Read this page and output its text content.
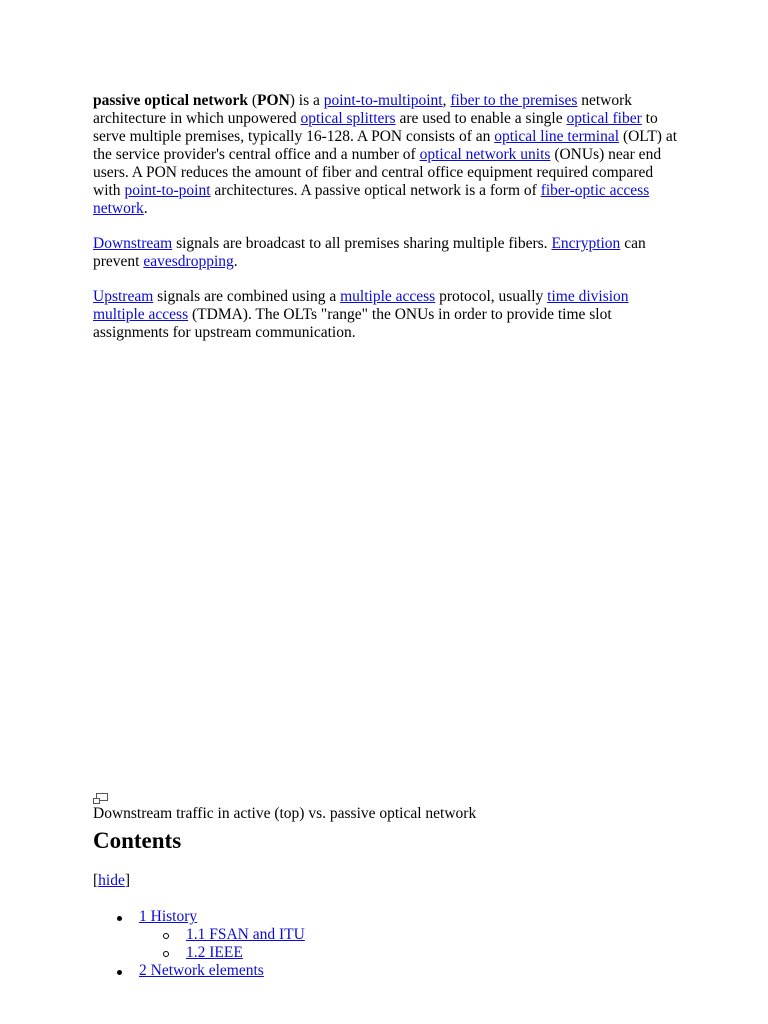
passive optical network (PON) is a point-to-multipoint, fiber to the premises network architecture in which unpowered optical splitters are used to enable a single optical fiber to serve multiple premises, typically 16-128. A PON consists of an optical line terminal (OLT) at the service provider's central office and a number of optical network units (ONUs) near end users. A PON reduces the amount of fiber and central office equipment required compared with point-to-point architectures. A passive optical network is a form of fiber-optic access network.

Downstream signals are broadcast to all premises sharing multiple fibers. Encryption can prevent eavesdropping.

Upstream signals are combined using a multiple access protocol, usually time division multiple access (TDMA). The OLTs "range" the ONUs in order to provide time slot assignments for upstream communication.

Downstream traffic in active (top) vs. passive optical network
Contents
[hide]
1 History
1.1 FSAN and ITU
1.2 IEEE
2 Network elements
